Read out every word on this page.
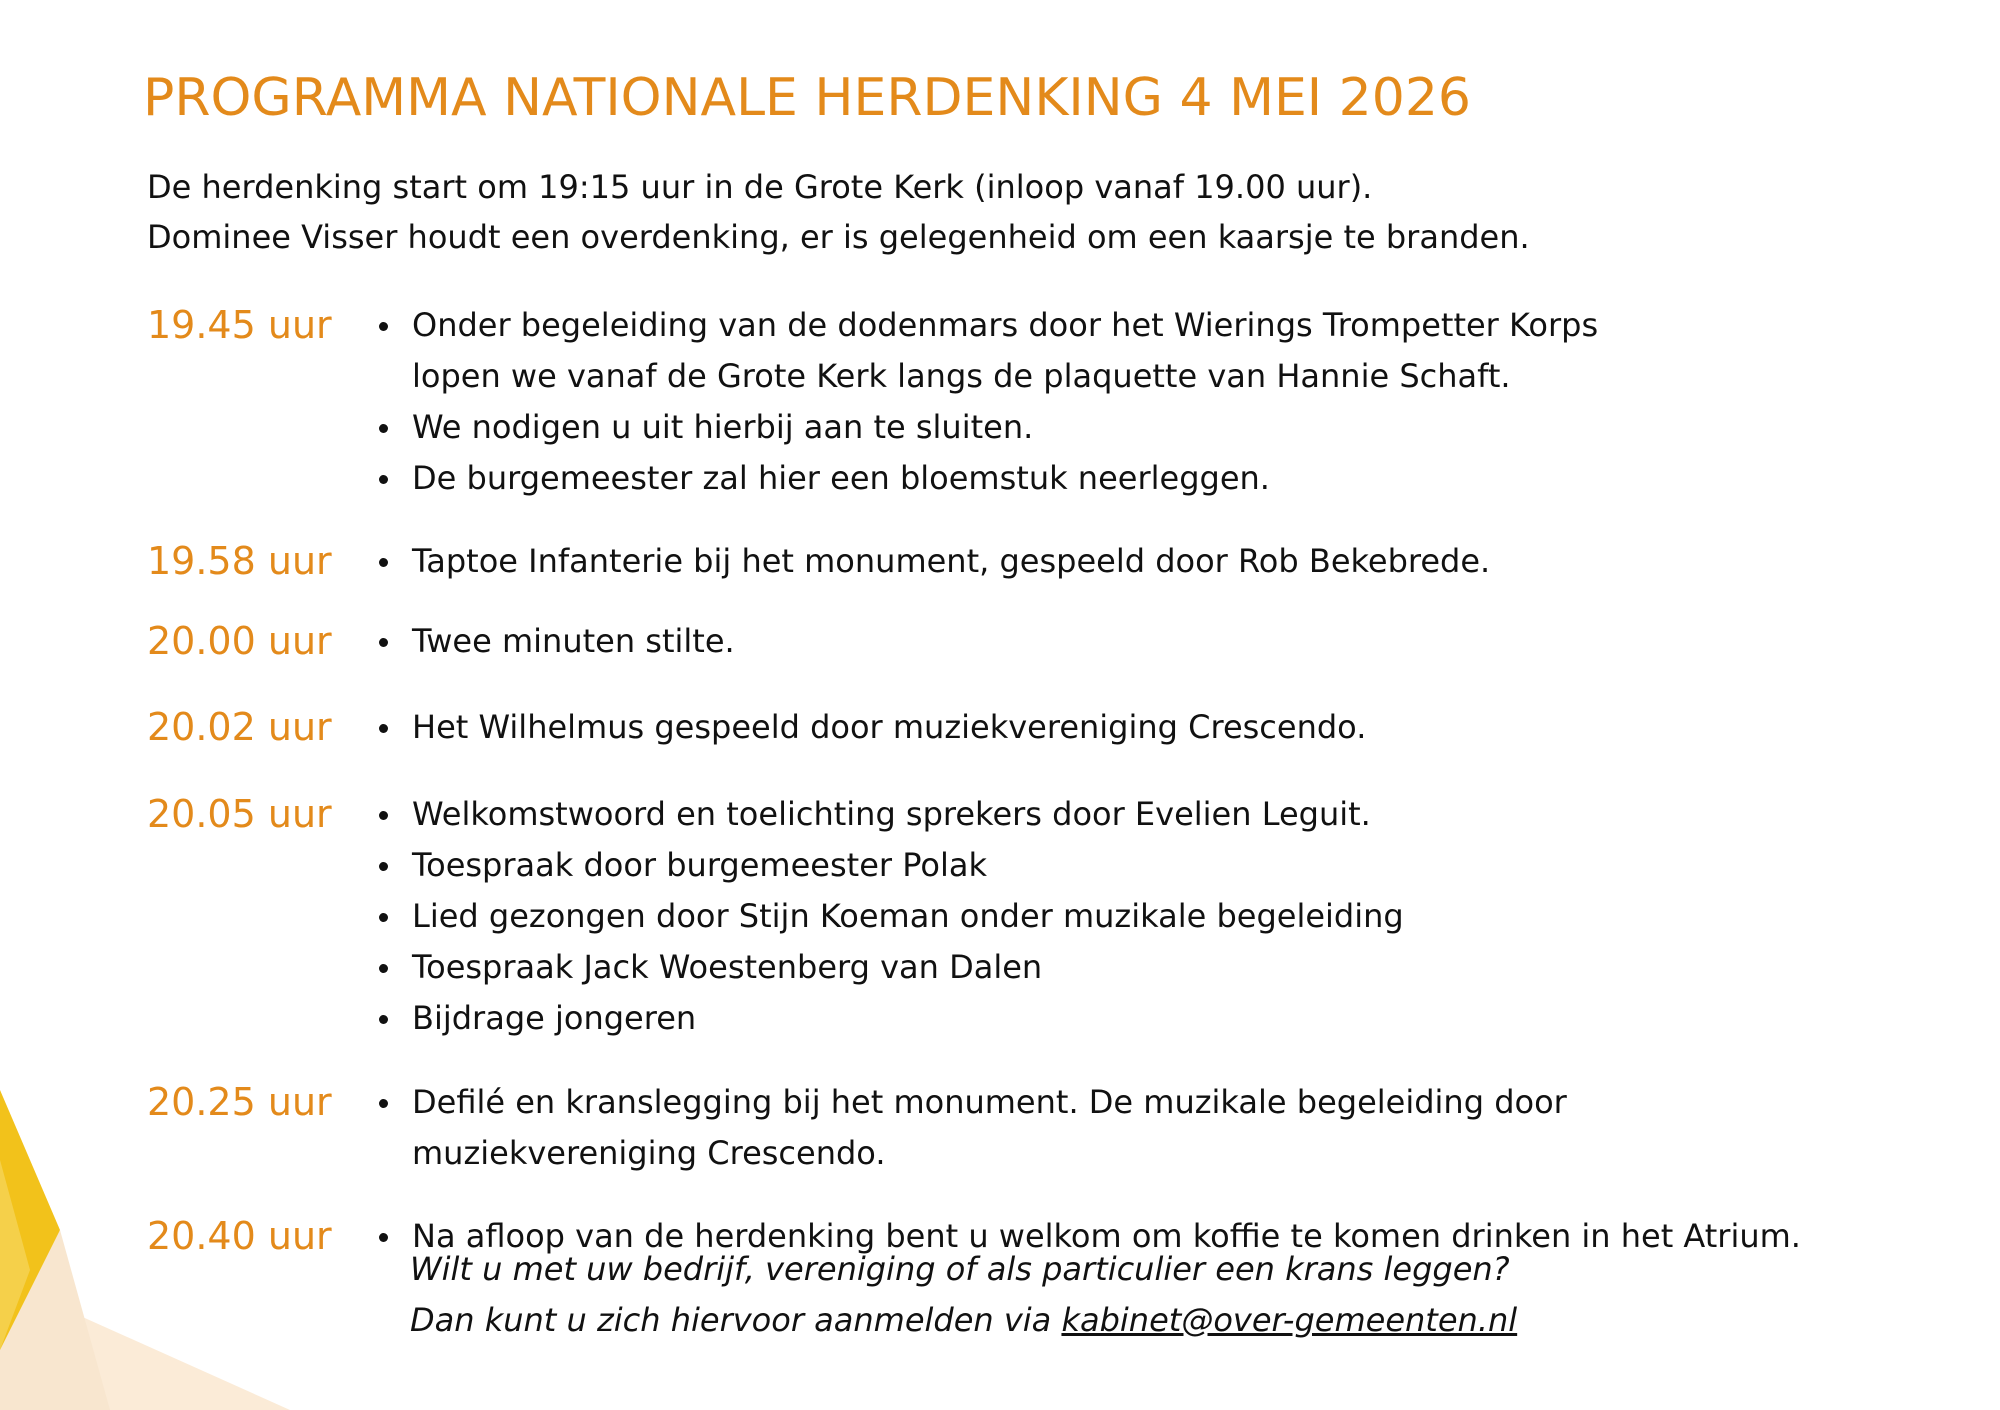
PROGRAMMA NATIONALE HERDENKING 4 MEI 2026
De herdenking start om 19:15 uur in de Grote Kerk (inloop vanaf 19.00 uur).
Dominee Visser houdt een overdenking, er is gelegenheid om een kaarsje te branden.
19.45 uur	Onder begeleiding van de dodenmars door het Wierings Trompetter Korps
lopen we vanaf de Grote Kerk langs de plaquette van Hannie Schaft.
We nodigen u uit hierbij aan te sluiten.
De burgemeester zal hier een bloemstuk neerleggen.
19.58 uur	Taptoe Infanterie bij het monument, gespeeld door Rob Bekebrede.
20.00 uur	Twee minuten stilte.
20.02 uur	Het Wilhelmus gespeeld door muziekvereniging Crescendo.
20.05 uur	Welkomstwoord en toelichting sprekers door Evelien Leguit.
Toespraak door burgemeester Polak
Lied gezongen door Stijn Koeman onder muzikale begeleiding
Toespraak Jack Woestenberg van Dalen
Bijdrage jongeren
20.25 uur	Defilé en kranslegging bij het monument. De muzikale begeleiding door
muziekvereniging Crescendo.
20.40 uur	Na afloop van de herdenking bent u welkom om koffie te komen drinken in het Atrium.
Wilt u met uw bedrijf, vereniging of als particulier een krans leggen?
Dan kunt u zich hiervoor aanmelden via kabinet@over-gemeenten.nl
